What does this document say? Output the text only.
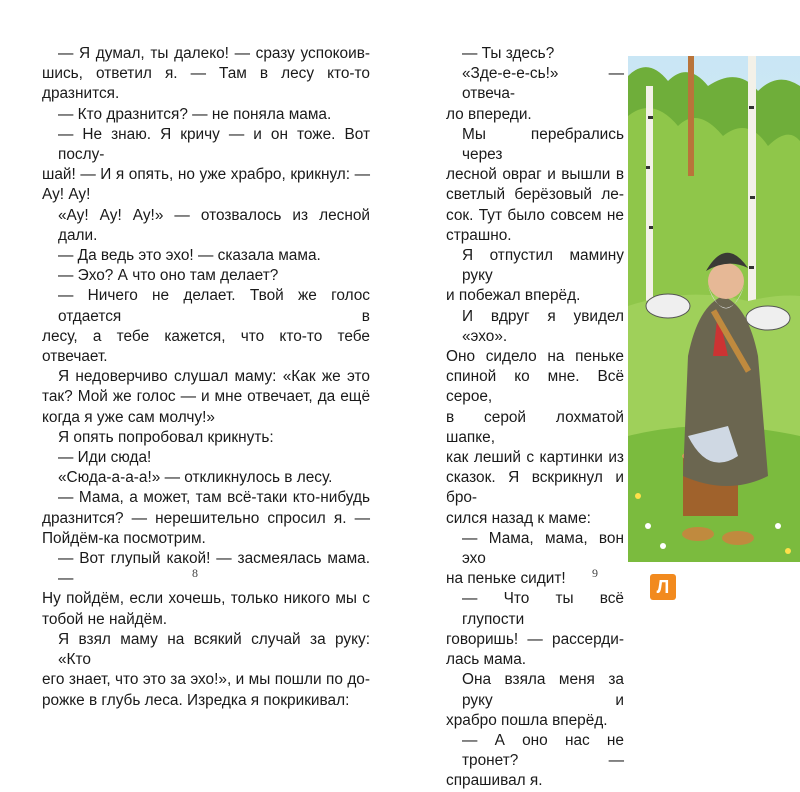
— Я думал, ты далеко! — сразу успокоив-
шись, ответил я. — Там в лесу кто-то дразнится.

— Кто дразнится? — не поняла мама.

— Не знаю. Я кричу — и он тоже. Вот послу-
шай! — И я опять, но уже храбро, крикнул: —
Ау! Ау!

«Ау! Ау! Ау!» — отозвалось из лесной дали.

— Да ведь это эхо! — сказала мама.

— Эхо? А что оно там делает?

— Ничего не делает. Твой же голос отдается в
лесу, а тебе кажется, что кто-то тебе отвечает.

Я недоверчиво слушал маму: «Как же это
так? Мой же голос — и мне отвечает, да ещё
когда я уже сам молчу!»

Я опять попробовал крикнуть:

— Иди сюда!

«Сюда-а-а-а!» — откликнулось в лесу.

— Мама, а может, там всё-таки кто-нибудь
дразнится? — нерешительно спросил я. —
Пойдём-ка посмотрим.

— Вот глупый какой! — засмеялась мама. —
Ну пойдём, если хочешь, только никого мы с
тобой не найдём.

Я взял маму на всякий случай за руку: «Кто
его знает, что это за эхо!», и мы пошли по до-
рожке в глубь леса. Изредка я покрикивал:

— Ты здесь?

«Зде-е-е-сь!» — отвеча-
ло впереди.

Мы перебрались через
лесной овраг и вышли в
светлый берёзовый ле-
сок. Тут было совсем не
страшно.

Я отпустил мамину руку
и побежал вперёд.

И вдруг я увидел «эхо».
Оно сидело на пеньке
спиной ко мне. Всё серое,
в серой лохматой шапке,
как леший с картинки из
сказок. Я вскрикнул и бро-
сился назад к маме:

— Мама, мама, вон эхо
на пеньке сидит!

— Что ты всё глупости
говоришь! — рассерди-
лась мама.

Она взяла меня за руку и
храбро пошла вперёд.

— А оно нас не тронет? —
спрашивал я.

8	9
Л
